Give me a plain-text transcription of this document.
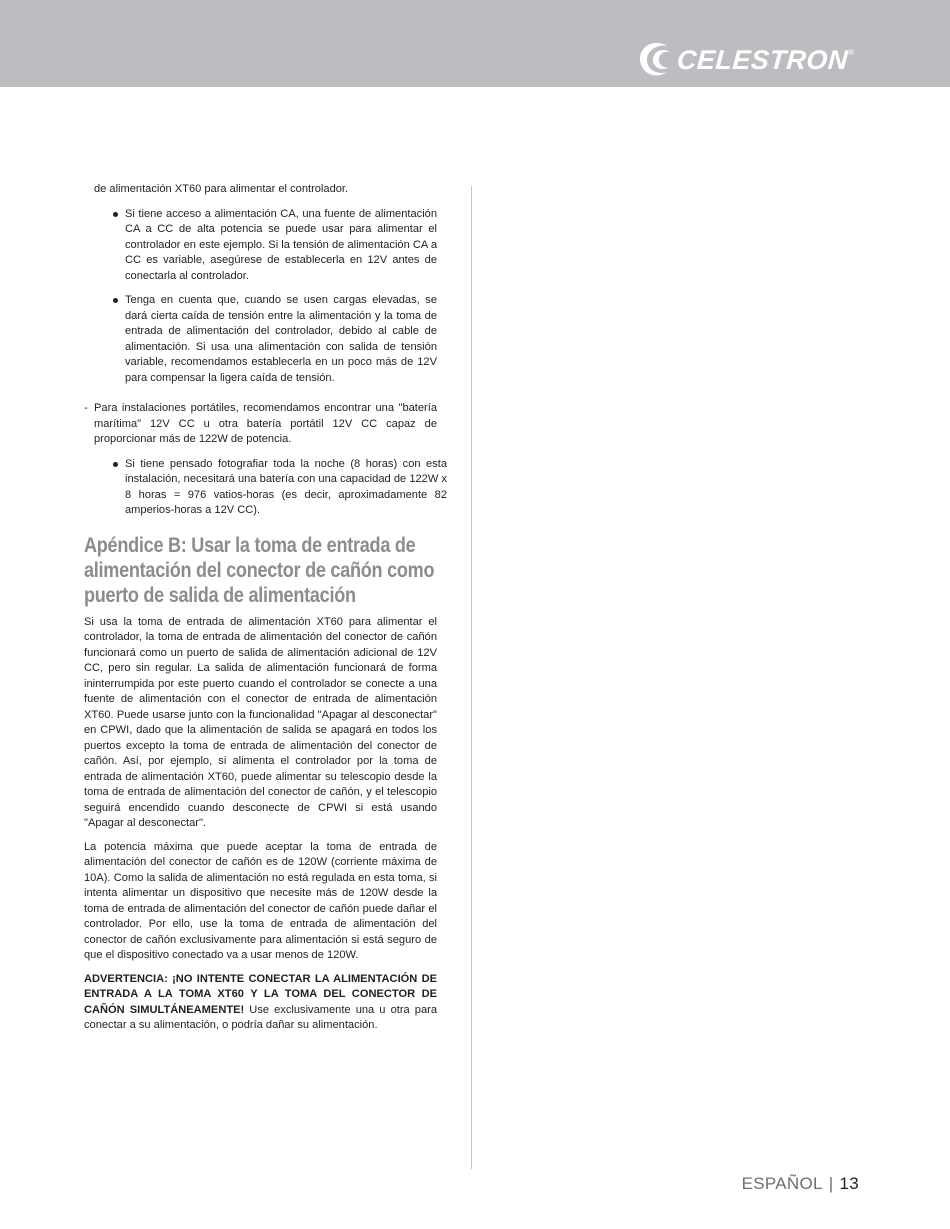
CELESTRON
®

de alimentación XT60 para alimentar el controlador.

Si tiene acceso a alimentación CA, una fuente de alimentación CA a CC de alta potencia se puede usar para alimentar el controlador en este ejemplo. Si la tensión de alimentación CA a CC es variable, asegúrese de establecerla en 12V antes de conectarla al controlador.
Tenga en cuenta que, cuando se usen cargas elevadas, se dará cierta caída de tensión entre la alimentación y la toma de entrada de alimentación del controlador, debido al cable de alimentación. Si usa una alimentación con salida de tensión variable, recomendamos establecerla en un poco más de 12V para compensar la ligera caída de tensión.
- Para instalaciones portátiles, recomendamos encontrar una "batería marítima" 12V CC u otra batería portátil 12V CC capaz de proporcionar más de 122W de potencia.
Si tiene pensado fotografiar toda la noche (8 horas) con esta instalación, necesitará una batería con una capacidad de 122W x 8 horas = 976 vatios-horas (es decir, aproximadamente 82 amperios-horas a 12V CC).
Apéndice B: Usar la toma de entrada de alimentación del conector de cañón como puerto de salida de alimentación

Si usa la toma de entrada de alimentación XT60 para alimentar el controlador, la toma de entrada de alimentación del conector de cañón funcionará como un puerto de salida de alimentación adicional de 12V CC, pero sin regular. La salida de alimentación funcionará de forma ininterrumpida por este puerto cuando el controlador se conecte a una fuente de alimentación con el conector de entrada de alimentación XT60. Puede usarse junto con la funcionalidad "Apagar al desconectar" en CPWI, dado que la alimentación de salida se apagará en todos los puertos excepto la toma de entrada de alimentación del conector de cañón. Así, por ejemplo, si alimenta el controlador por la toma de entrada de alimentación XT60, puede alimentar su telescopio desde la toma de entrada de alimentación del conector de cañón, y el telescopio seguirá encendido cuando desconecte de CPWI si está usando "Apagar al desconectar".

La potencia máxima que puede aceptar la toma de entrada de alimentación del conector de cañón es de 120W (corriente máxima de 10A). Como la salida de alimentación no está regulada en esta toma, si intenta alimentar un dispositivo que necesite más de 120W desde la toma de entrada de alimentación del conector de cañón puede dañar el controlador. Por ello, use la toma de entrada de alimentación del conector de cañón exclusivamente para alimentación si está seguro de que el dispositivo conectado va a usar menos de 120W.

ADVERTENCIA: ¡NO INTENTE CONECTAR LA ALIMENTACIÓN DE ENTRADA A LA TOMA XT60 Y LA TOMA DEL CONECTOR DE CAÑÓN SIMULTÁNEAMENTE! Use exclusivamente una u otra para conectar a su alimentación, o podría dañar su alimentación.

ESPAÑOL | 13
